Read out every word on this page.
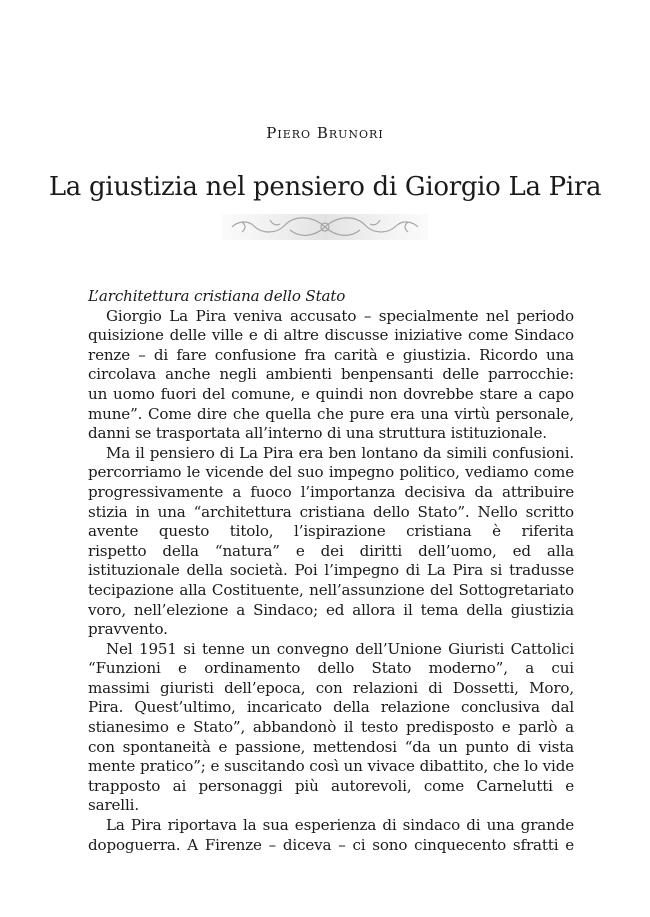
Piero Brunori
La giustizia nel pensiero di Giorgio La Pira

L’architettura cristiana dello Stato

Giorgio La Pira veniva accusato – specialmente nel periodo
quisizione delle ville e di altre discusse iniziative come Sindaco
renze – di fare confusione fra carità e giustizia. Ricordo una
circolava anche negli ambienti benpensanti delle parrocchie:
un uomo fuori del comune, e quindi non dovrebbe stare a capo
mune”. Come dire che quella che pure era una virtù personale,
danni se trasportata all’interno di una struttura istituzionale.
Ma il pensiero di La Pira era ben lontano da simili confusioni.
percorriamo le vicende del suo impegno politico, vediamo come
progressivamente a fuoco l’importanza decisiva da attribuire
stizia in una “architettura cristiana dello Stato”. Nello scritto
avente questo titolo, l’ispirazione cristiana è riferita
rispetto della “natura” e dei diritti dell’uomo, ed alla
istituzionale della società. Poi l’impegno di La Pira si tradusse
tecipazione alla Costituente, nell’assunzione del Sottogretariato
voro, nell’elezione a Sindaco; ed allora il tema della giustizia
pravvento.
Nel 1951 si tenne un convegno dell’Unione Giuristi Cattolici
“Funzioni e ordinamento dello Stato moderno”, a cui
massimi giuristi dell’epoca, con relazioni di Dossetti, Moro,
Pira. Quest’ultimo, incaricato della relazione conclusiva dal
stianesimo e Stato”, abbandonò il testo predisposto e parlò a
con spontaneità e passione, mettendosi “da un punto di vista
mente pratico”; e suscitando così un vivace dibattito, che lo vide
trapposto ai personaggi più autorevoli, come Carnelutti e
sarelli.
La Pira riportava la sua esperienza di sindaco di una grande
dopoguerra. A Firenze – diceva – ci sono cinquecento sfratti e
